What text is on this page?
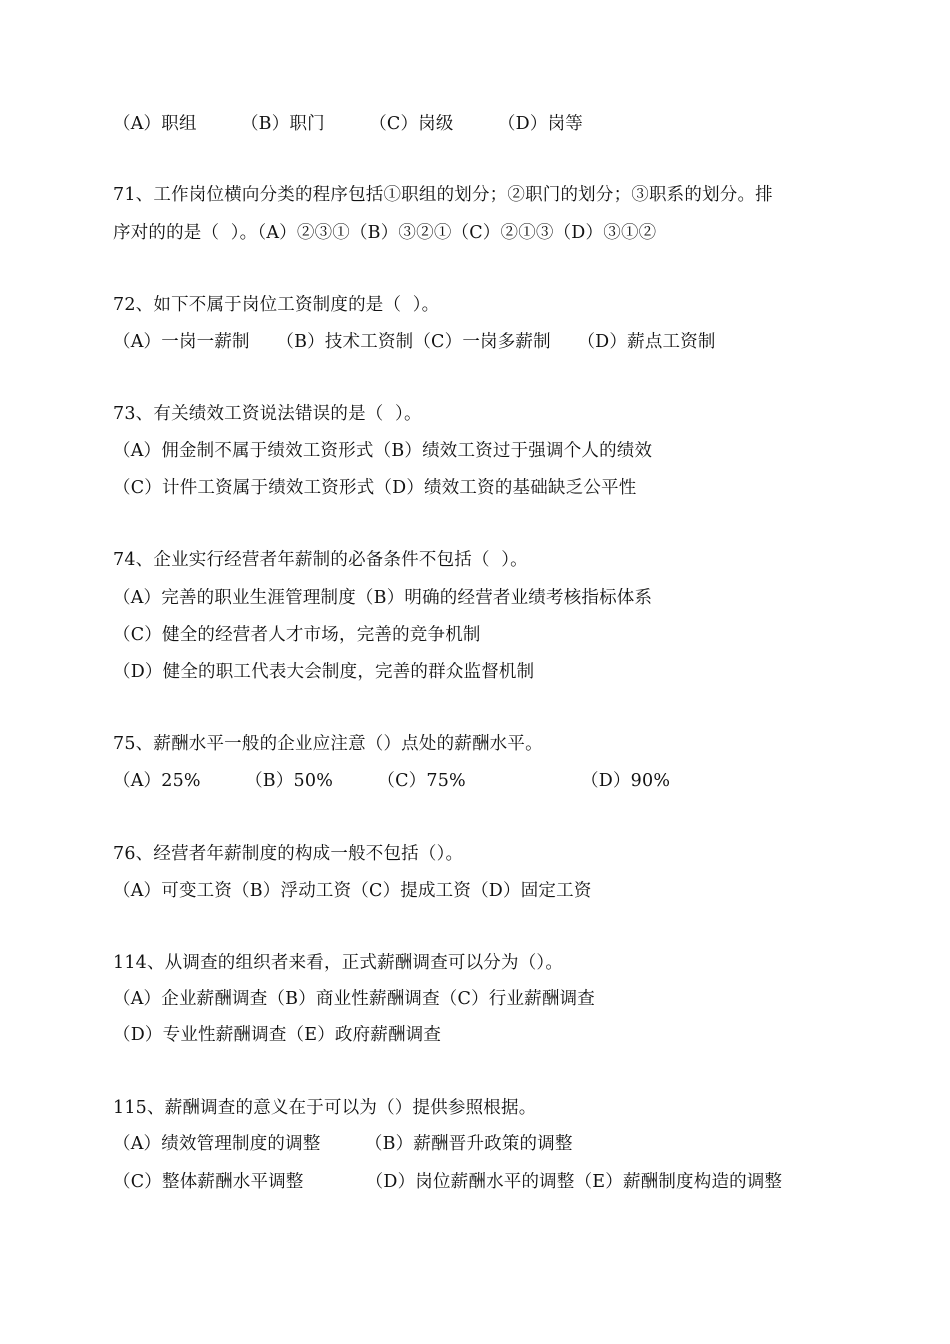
（A）职组　　　（B）职门　　　（C）岗级　　　（D）岗等
71、工作岗位横向分类的程序包括①职组的划分；②职门的划分；③职系的划分。排
序对的的是（  ）。（A）②③①（B）③②①（C）②①③（D）③①②
72、如下不属于岗位工资制度的是（  ）。
（A）一岗一薪制　　（B）技术工资制（C）一岗多薪制　　（D）薪点工资制
73、有关绩效工资说法错误的是（  ）。
（A）佣金制不属于绩效工资形式（B）绩效工资过于强调个人的绩效
（C）计件工资属于绩效工资形式（D）绩效工资的基础缺乏公平性
74、企业实行经营者年薪制的必备条件不包括（  ）。
（A）完善的职业生涯管理制度（B）明确的经营者业绩考核指标体系
（C）健全的经营者人才市场，完善的竞争机制
（D）健全的职工代表大会制度，完善的群众监督机制
75、薪酬水平一般的企业应注意（）点处的薪酬水平。
（A）25%　　　（B）50%　　　（C）75%　　　　　　　（D）90%
76、经营者年薪制度的构成一般不包括（）。
（A）可变工资（B）浮动工资（C）提成工资（D）固定工资
114、从调查的组织者来看，正式薪酬调查可以分为（）。
（A）企业薪酬调查（B）商业性薪酬调查（C）行业薪酬调查
（D）专业性薪酬调查（E）政府薪酬调查
115、薪酬调查的意义在于可以为（）提供参照根据。
（A）绩效管理制度的调整　　　（B）薪酬晋升政策的调整
（C）整体薪酬水平调整　　　　（D）岗位薪酬水平的调整（E）薪酬制度构造的调整
